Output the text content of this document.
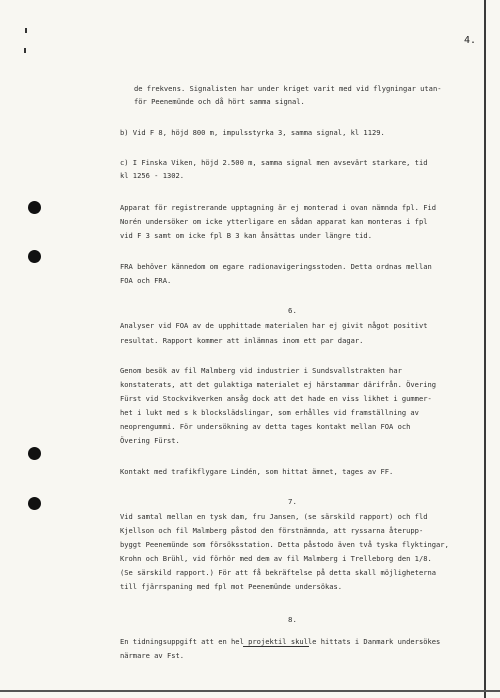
4.
de frekvens. Signalisten har under kriget varit med vid flygningar utan-
för Peenemünde och då hört samma signal.
b) Vid F 8, höjd 800 m, impulsstyrka 3, samma signal, kl 1129.
c) I Finska Viken, höjd 2.500 m, samma signal men avsevärt starkare, tid
kl 1256 - 1302.
Apparat för registrerande upptagning är ej monterad i ovan nämnda fpl. Fid
Norén undersöker om icke ytterligare en sådan apparat kan monteras i fpl
vid F 3 samt om icke fpl B 3 kan ånsättas under längre tid.
FRA behöver kännedom om egare radionavigeringsstoden. Detta ordnas mellan
FOA och FRA.
6.
Analyser vid FOA av de upphittade materialen har ej givit något positivt
resultat. Rapport kommer att inlämnas inom ett par dagar.
Genom besök av fil Malmberg vid industrier i Sundsvallstrakten har
konstaterats, att det gulaktiga materialet ej härstammar därifrån. Övering
Fürst vid Stockvikverken ansåg dock att det hade en viss likhet i gummer-
het i lukt med s k blockslädslingar, som erhålles vid framställning av
neoprengummi. För undersökning av detta tages kontakt mellan FOA och
Övering Fürst.
Kontakt med trafikflygare Lindén, som hittat ämnet, tages av FF.
7.
Vid samtal mellan en tysk dam, fru Jansen, (se särskild rapport) och fld
Kjellson och fil Malmberg påstod den förstnämnda, att ryssarna återupp-
byggt Peenemünde som försöksstation. Detta påstodo även två tyska flyktingar,
Krohn och Brühl, vid förhör med dem av fil Malmberg i Trelleborg den 1/8.
(Se särskild rapport.) För att få bekräftelse på detta skall möjligheterna
till fjärrspaning med fpl mot Peenemünde undersökas.
8.
En tidningsuppgift att en hel projektil skulle hittats i Danmark undersökes
närmare av Fst.
